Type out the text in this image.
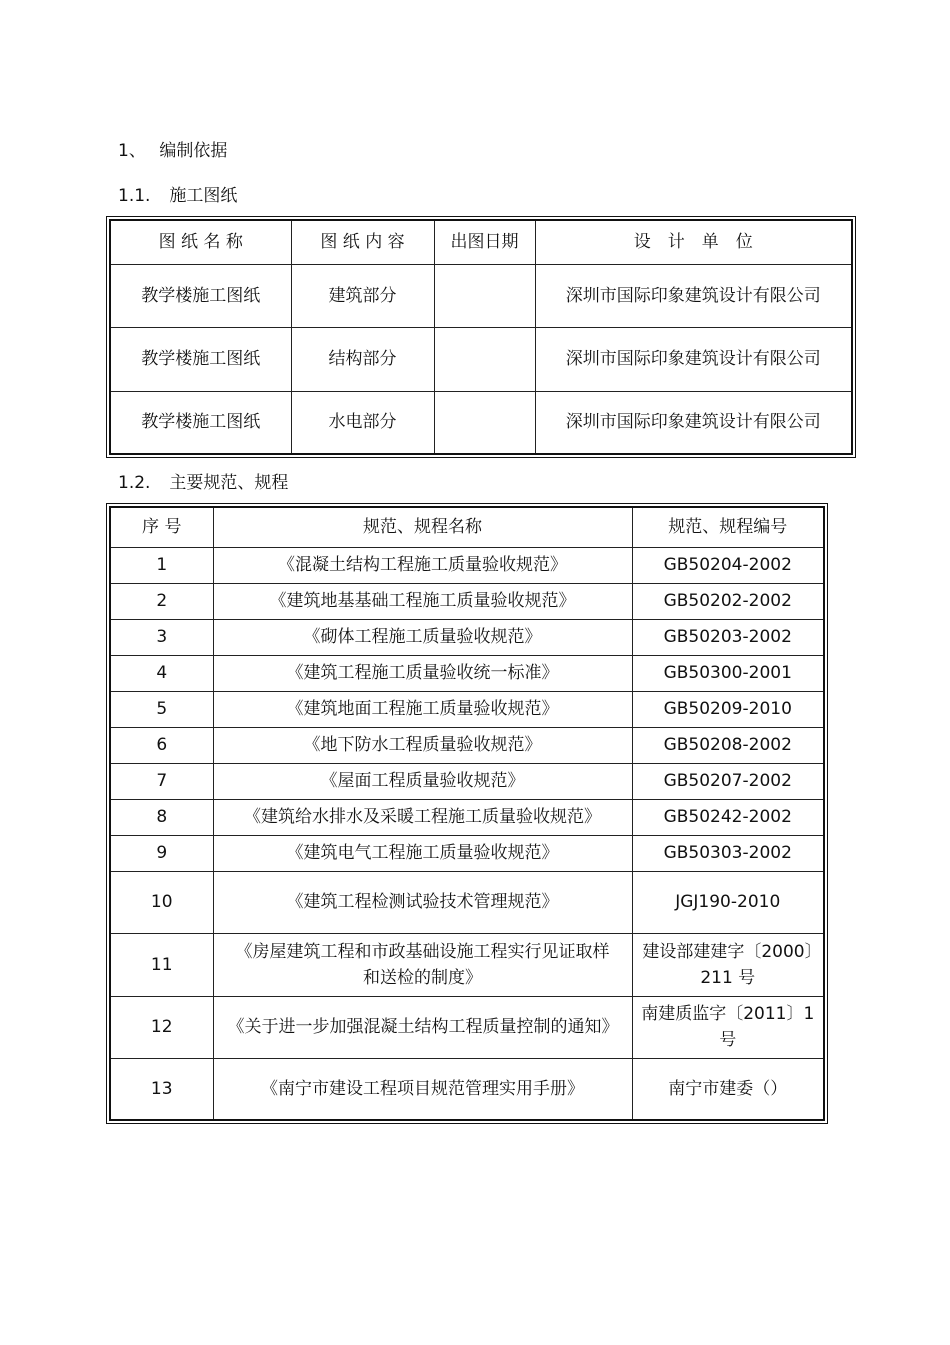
1、 编制依据
1.1. 施工图纸
图 纸 名 称	图 纸 内 容	出图日期	设　计　单　位
教学楼施工图纸	建筑部分		深圳市国际印象建筑设计有限公司
教学楼施工图纸	结构部分		深圳市国际印象建筑设计有限公司
教学楼施工图纸	水电部分		深圳市国际印象建筑设计有限公司
1.2. 主要规范、规程
序 号	规范、规程名称	规范、规程编号
1	《混凝土结构工程施工质量验收规范》	GB50204-2002
2	《建筑地基基础工程施工质量验收规范》	GB50202-2002
3	《砌体工程施工质量验收规范》	GB50203-2002
4	《建筑工程施工质量验收统一标准》	GB50300-2001
5	《建筑地面工程施工质量验收规范》	GB50209-2010
6	《地下防水工程质量验收规范》	GB50208-2002
7	《屋面工程质量验收规范》	GB50207-2002
8	《建筑给水排水及采暖工程施工质量验收规范》	GB50242-2002
9	《建筑电气工程施工质量验收规范》	GB50303-2002
10	《建筑工程检测试验技术管理规范》	JGJ190-2010
11	《房屋建筑工程和市政基础设施工程实行见证取样和送检的制度》	建设部建建字〔2000〕211 号
12	《关于进一步加强混凝土结构工程质量控制的通知》	南建质监字〔2011〕1 号
13	《南宁市建设工程项目规范管理实用手册》	南宁市建委（）
